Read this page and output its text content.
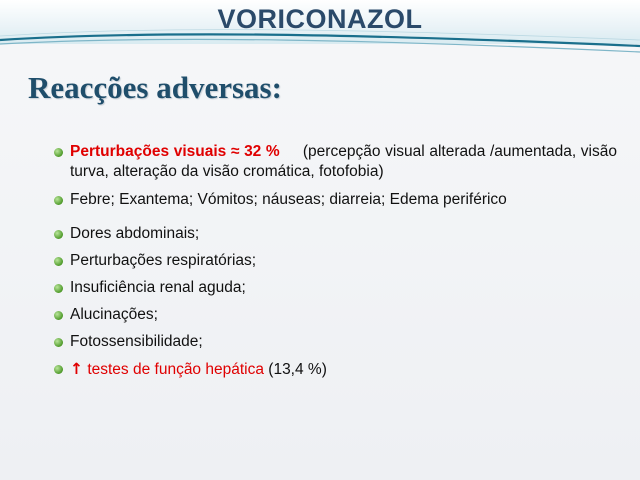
VORICONAZOL
Reacções adversas:
Perturbações visuais ≈ 32 % (percepção visual alterada /aumentada, visão turva, alteração da visão cromática, fotofobia)
Febre; Exantema; Vómitos; náuseas; diarreia; Edema periférico
Dores abdominais;
Perturbações respiratórias;
Insuficiência renal aguda;
Alucinações;
Fotossensibilidade;
↑ testes de função hepática (13,4 %)
